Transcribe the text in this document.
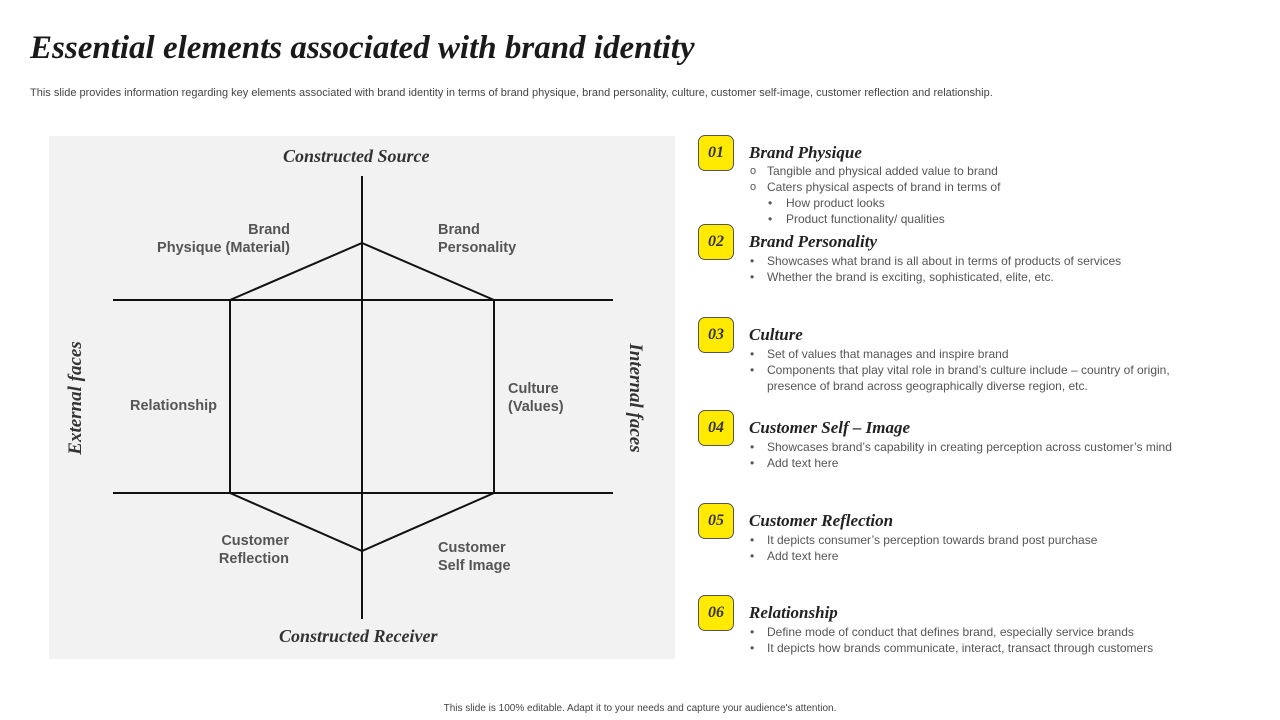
Essential elements associated with brand identity

This slide provides information regarding key elements associated with brand identity in terms of brand physique, brand personality, culture, customer self-image, customer reflection and relationship.

Constructed Source
Constructed Receiver
Brand
Physique (Material)
Brand
Personality
Relationship
Culture
(Values)
Customer
Reflection
Customer
Self Image
External faces	Internal faces
01	Brand Physique
o Tangible and physical added value to brand
o Caters physical aspects of brand in terms of
• How product looks
• Product functionality/ qualities
02	Brand Personality
• Showcases what brand is all about in terms of products of services
• Whether the brand is exciting, sophisticated, elite, etc.
03	Culture
• Set of values that manages and inspire brand
• Components that play vital role in brand’s culture include – country of origin,
presence of brand across geographically diverse region, etc.
04	Customer Self – Image
• Showcases brand’s capability in creating perception across customer’s mind
• Add text here
05	Customer Reflection
• It depicts consumer’s perception towards brand post purchase
• Add text here
06	Relationship
• Define mode of conduct that defines brand, especially service brands
• It depicts how brands communicate, interact, transact through customers
This slide is 100% editable. Adapt it to your needs and capture your audience's attention.
